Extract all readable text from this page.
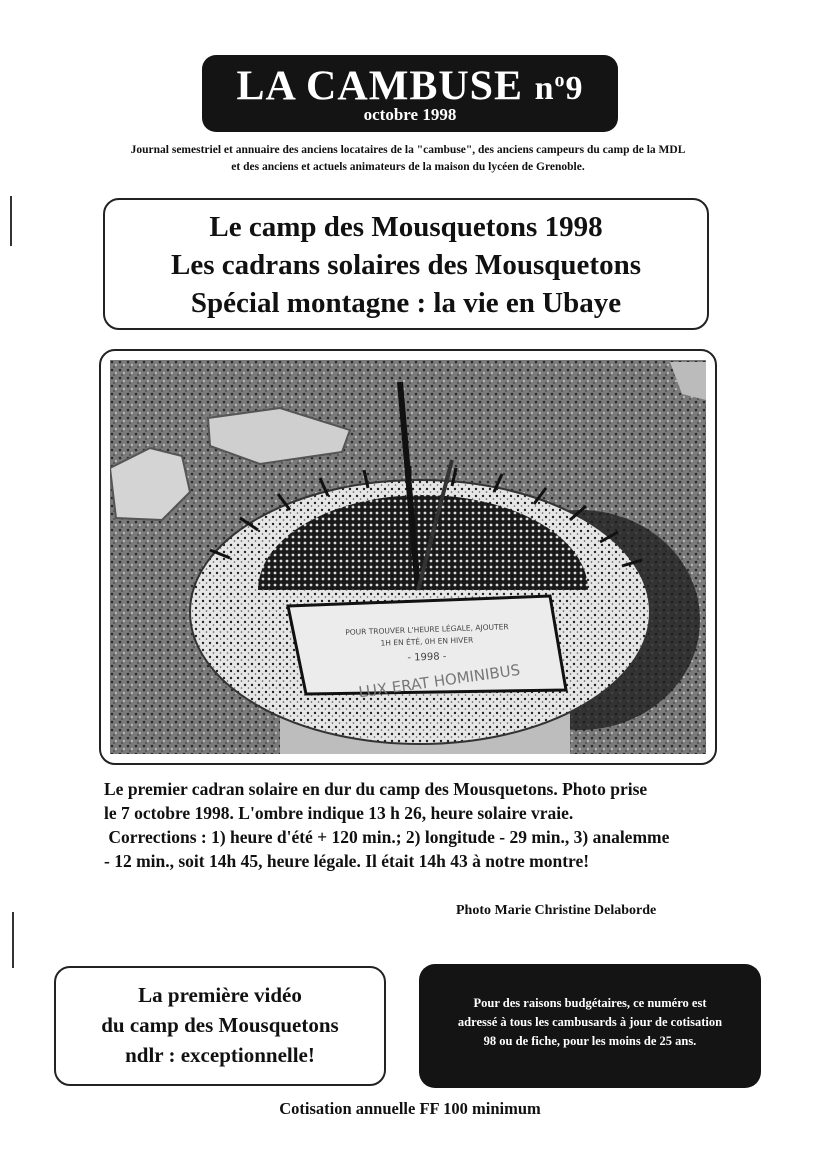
LA CAMBUSE $n^o9$
octobre 1998
Journal semestriel et annuaire des anciens locataires de la "cambuse", des anciens campeurs du camp de la MDL
et des anciens et actuels animateurs de la maison du lycéen de Grenoble.
Le camp des Mousquetons 1998
Les cadrans solaires des Mousquetons
Spécial montagne : la vie en Ubaye
POUR TROUVER L'HEURE LÉGALE, AJOUTER
1H EN ÉTÉ, 0H EN HIVER
- 1998 -
LUX ERAT HOMINIBUS
Le premier cadran solaire en dur du camp des Mousquetons. Photo prise
le 7 octobre 1998. L'ombre indique 13 h 26, heure solaire vraie.
Corrections : 1) heure d'été + 120 min.; 2) longitude - 29 min., 3) analemme
- 12 min., soit 14h 45, heure légale. Il était 14h 43 à notre montre!
Photo Marie Christine Delaborde
La première vidéo
du camp des Mousquetons
ndlr : exceptionnelle!
Pour des raisons budgétaires, ce numéro est
adressé à tous les cambusards à jour de cotisation
98 ou de fiche, pour les moins de 25 ans.
Cotisation annuelle FF 100 minimum
